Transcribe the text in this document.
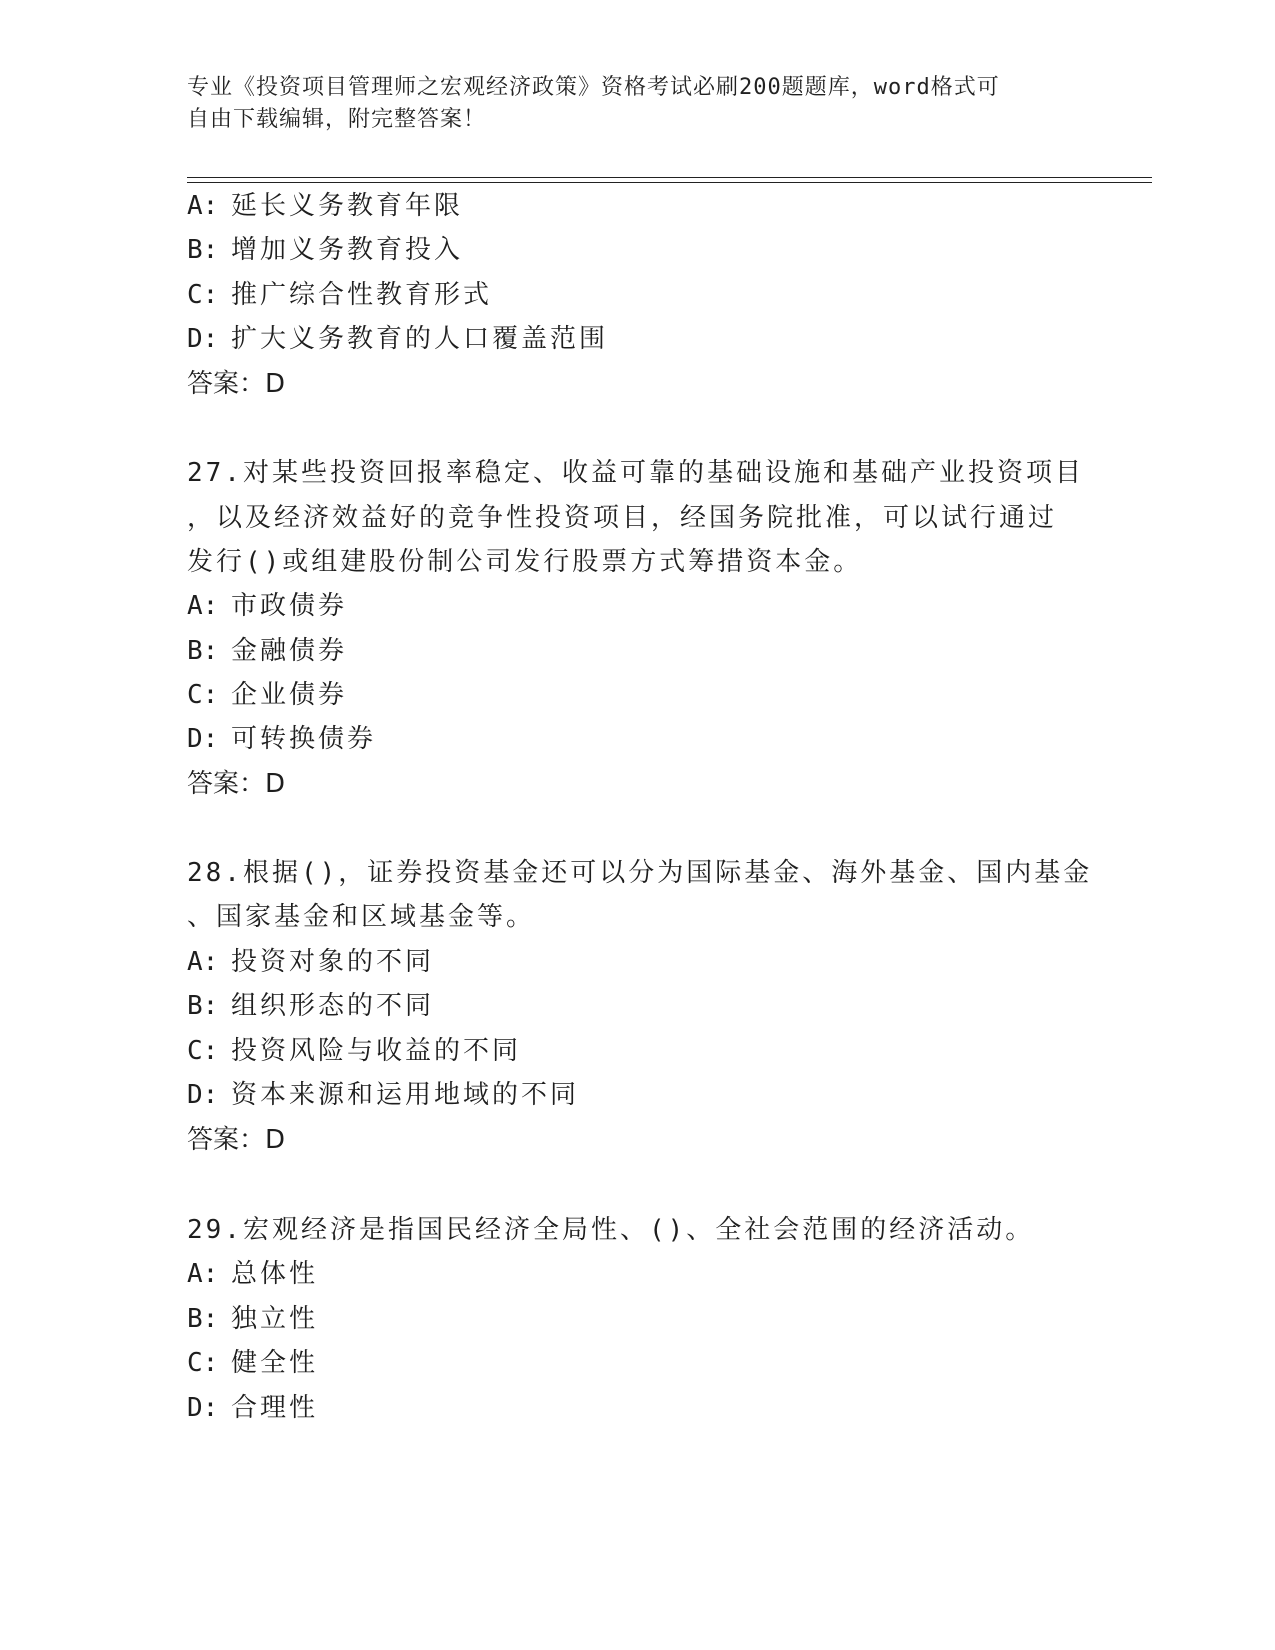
专业《投资项目管理师之宏观经济政策》资格考试必刷200题题库，word格式可
自由下载编辑，附完整答案！
A: 延长义务教育年限
B: 增加义务教育投入
C: 推广综合性教育形式
D: 扩大义务教育的人口覆盖范围
答案：D
27.对某些投资回报率稳定、收益可靠的基础设施和基础产业投资项目
，以及经济效益好的竞争性投资项目，经国务院批准，可以试行通过
发行()或组建股份制公司发行股票方式筹措资本金。
A: 市政债券
B: 金融债券
C: 企业债券
D: 可转换债券
答案：D
28.根据()，证券投资基金还可以分为国际基金、海外基金、国内基金
、国家基金和区域基金等。
A: 投资对象的不同
B: 组织形态的不同
C: 投资风险与收益的不同
D: 资本来源和运用地域的不同
答案：D
29.宏观经济是指国民经济全局性、()、全社会范围的经济活动。
A: 总体性
B: 独立性
C: 健全性
D: 合理性
